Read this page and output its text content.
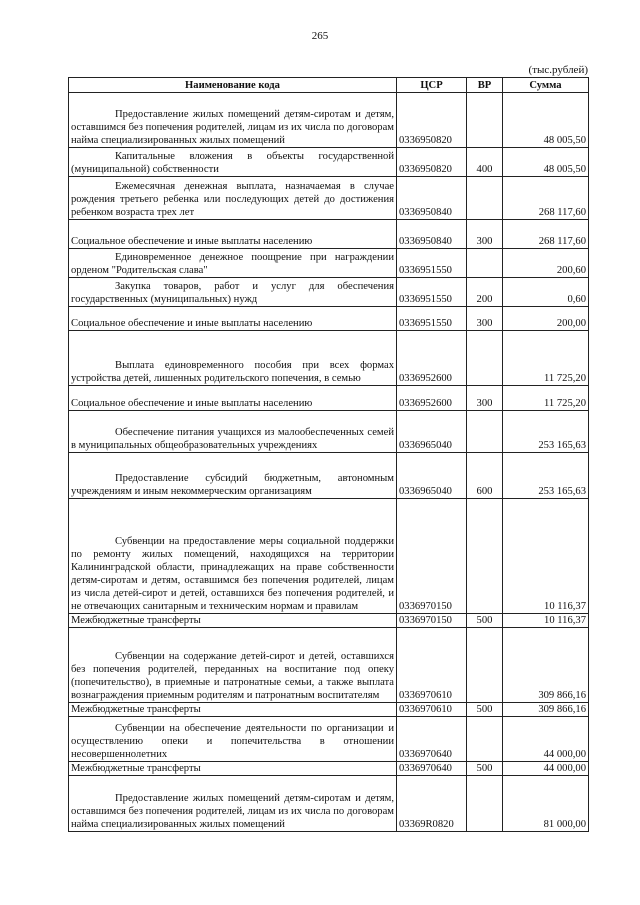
265
(тыс.рублей)
Наименование кода	ЦСР	ВР	Сумма
Предоставление жилых помещений детям-сиротам и детям, оставшимся без попечения родителей, лицам из их числа по договорам найма специализированных жилых помещений	0336950820		48 005,50
Капитальные вложения в объекты государственной (муниципальной) собственности	0336950820	400	48 005,50
Ежемесячная денежная выплата, назначаемая в случае рождения третьего ребенка или последующих детей до достижения ребенком возраста трех лет	0336950840		268 117,60
Социальное обеспечение и иные выплаты населению	0336950840	300	268 117,60
Единовременное денежное поощрение при награждении орденом "Родительская слава"	0336951550		200,60
Закупка товаров, работ и услуг для обеспечения государственных (муниципальных) нужд	0336951550	200	0,60
Социальное обеспечение и иные выплаты населению	0336951550	300	200,00
Выплата единовременного пособия при всех формах устройства детей, лишенных родительского попечения, в семью	0336952600		11 725,20
Социальное обеспечение и иные выплаты населению	0336952600	300	11 725,20
Обеспечение питания учащихся из малообеспеченных семей в муниципальных общеобразовательных учреждениях	0336965040		253 165,63
Предоставление субсидий бюджетным, автономным учреждениям и иным некоммерческим организациям	0336965040	600	253 165,63
Субвенции на предоставление меры социальной поддержки по ремонту жилых помещений, находящихся на территории Калининградской области, принадлежащих на праве собственности детям-сиротам и детям, оставшимся без попечения родителей, лицам из числа детей-сирот и детей, оставшихся без попечения родителей, и не отвечающих санитарным и техническим нормам и правилам	0336970150		10 116,37
Межбюджетные трансферты	0336970150	500	10 116,37
Субвенции на содержание детей-сирот и детей, оставшихся без попечения родителей, переданных на воспитание под опеку (попечительство), в приемные и патронатные семьи, а также выплата вознаграждения приемным родителям и патронатным воспитателям	0336970610		309 866,16
Межбюджетные трансферты	0336970610	500	309 866,16
Субвенции на обеспечение деятельности по организации и осуществлению опеки и попечительства в отношении несовершеннолетних	0336970640		44 000,00
Межбюджетные трансферты	0336970640	500	44 000,00
Предоставление жилых помещений детям-сиротам и детям, оставшимся без попечения родителей, лицам из их числа по договорам найма специализированных жилых помещений	03369R0820		81 000,00
